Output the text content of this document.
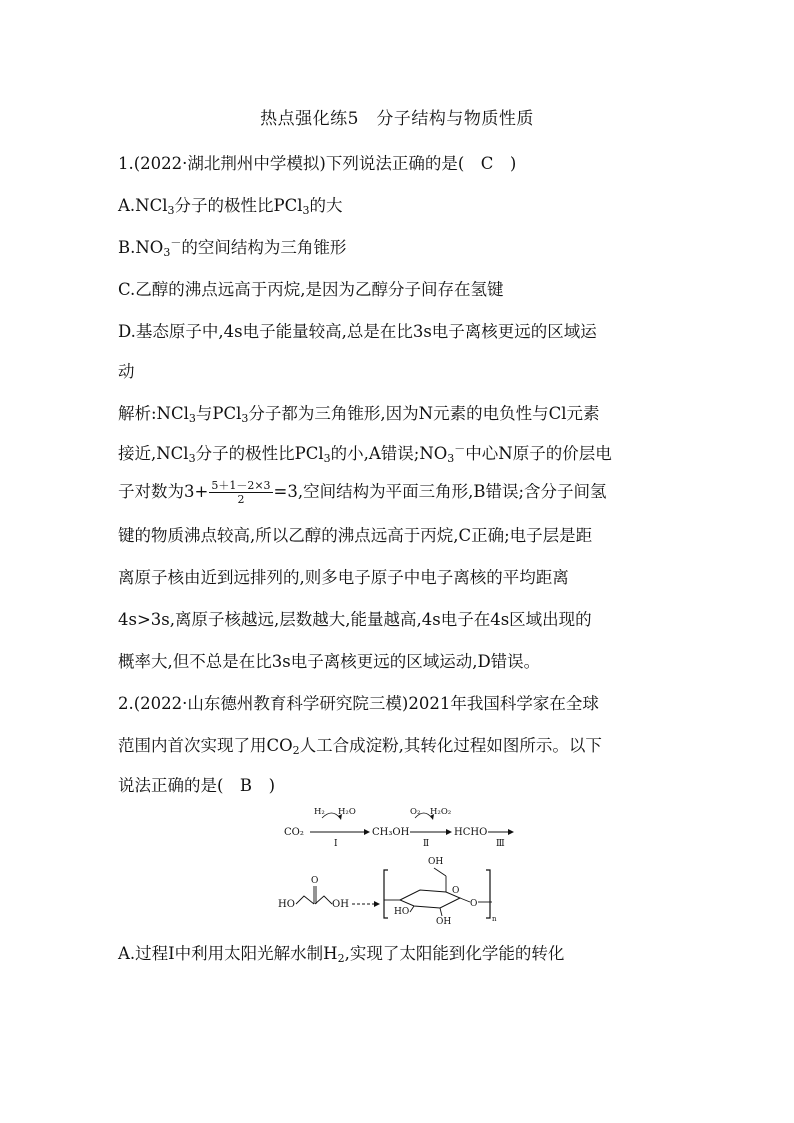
热点强化练5　分子结构与物质性质
1.(2022·湖北荆州中学模拟)下列说法正确的是(　C　)
A.NCl$_3$分子的极性比PCl$_3$的大
$B.NO_3^-$的空间结构为三角锥形
C.乙醇的沸点远高于丙烷,是因为乙醇分子间存在氢键
D.基态原子中,4s电子能量较高,总是在比3s电子离核更远的区域运
动
解析:NCl$_3$与PCl$_3$分子都为三角锥形,因为N元素的电负性与Cl元素
接近,NCl$_3$分子的极性比PCl$_3$的小,A错误$;NO_3^-$中心N原子的价层电
子对数为$3+ \frac{5+1-2\times 3}{2} =3$,空间结构为平面三角形,B错误;含分子间氢
键的物质沸点较高,所以乙醇的沸点远高于丙烷,C正确;电子层是距
离原子核由近到远排列的,则多电子原子中电子离核的平均距离
4s>3s,离原子核越远,层数越大,能量越高,4s电子在4s区域出现的
概率大,但不总是在比3s电子离核更远的区域运动,D错误。
2.(2022·山东德州教育科学研究院三模)2021年我国科学家在全球
范围内首次实现了用$CO_2$人工合成淀粉,其转化过程如图所示。以下
说法正确的是(　B　)
CO₂
H₂ H₂O
Ⅰ
CH₃OH
O₂ H₂O₂
Ⅱ
HCHO
Ⅲ
HO
O
OH
O
OH
HO
OH
O
n
A.过程Ⅰ中利用太阳光解水制$H_2$,实现了太阳能到化学能的转化
